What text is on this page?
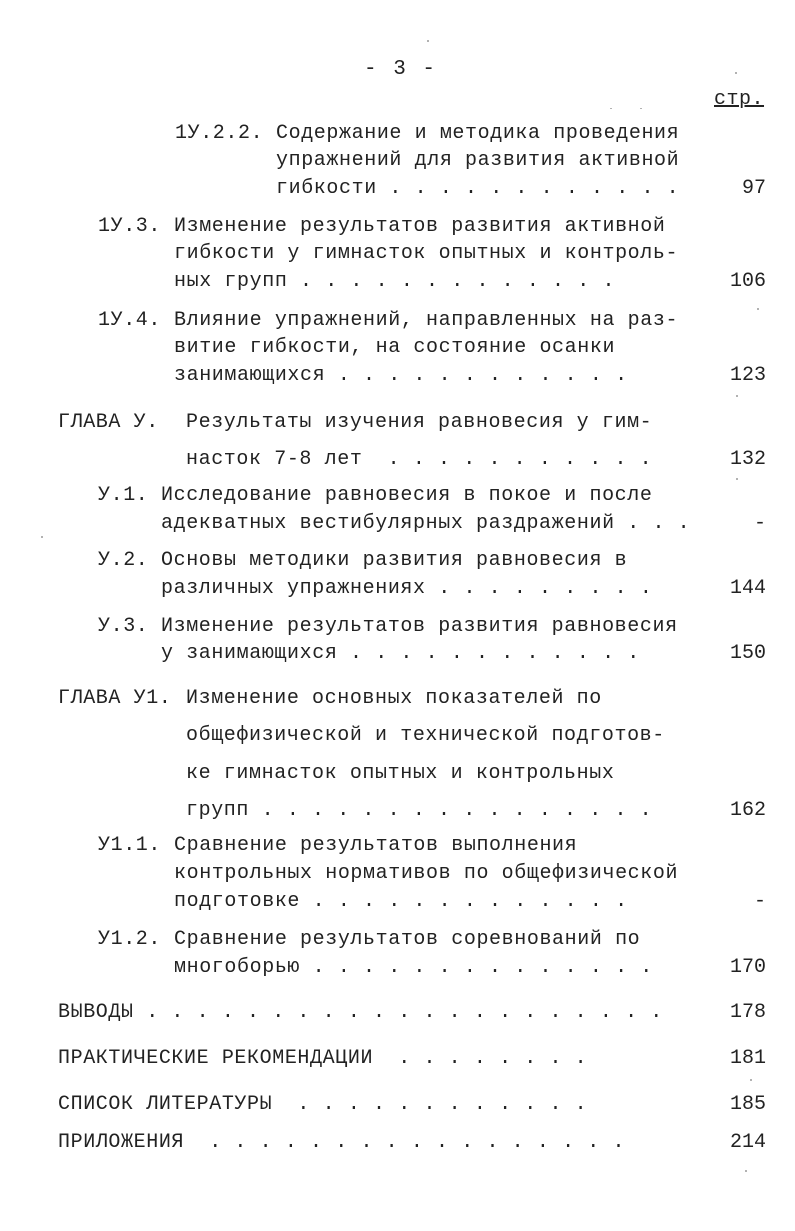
- 3 -
стр.
1У.2.2. Содержание и методика проведения
упражнений для развития активной
гибкости . . . . . . . . . . . .	97
1У.3. Изменение результатов развития активной
гибкости у гимнасток опытных и контроль-
ных групп . . . . . . . . . . . . .	106
1У.4. Влияние упражнений, направленных на раз-
витие гибкости, на состояние осанки
занимающихся . . . . . . . . . . . .	123
ГЛАВА У. Результаты изучения равновесия у гим-
насток 7-8 лет  . . . . . . . . . . .	132
У.1. Исследование равновесия в покое и после
адекватных вестибулярных раздражений . . .	-
У.2. Основы методики развития равновесия в
различных упражнениях . . . . . . . . .	144
У.3. Изменение результатов развития равновесия
у занимающихся . . . . . . . . . . . .	150
ГЛАВА У1. Изменение основных показателей по
общефизической и технической подготов-
ке гимнасток опытных и контрольных
групп . . . . . . . . . . . . . . . .	162
У1.1. Сравнение результатов выполнения
контрольных нормативов по общефизической
подготовке . . . . . . . . . . . . .	-
У1.2. Сравнение результатов соревнований по
многоборью . . . . . . . . . . . . . .	170
ВЫВОДЫ . . . . . . . . . . . . . . . . . . . . .	178
ПРАКТИЧЕСКИЕ РЕКОМЕНДАЦИИ  . . . . . . . .	181
СПИСОК ЛИТЕРАТУРЫ  . . . . . . . . . . . .	185
ПРИЛОЖЕНИЯ  . . . . . . . . . . . . . . . . .	214
